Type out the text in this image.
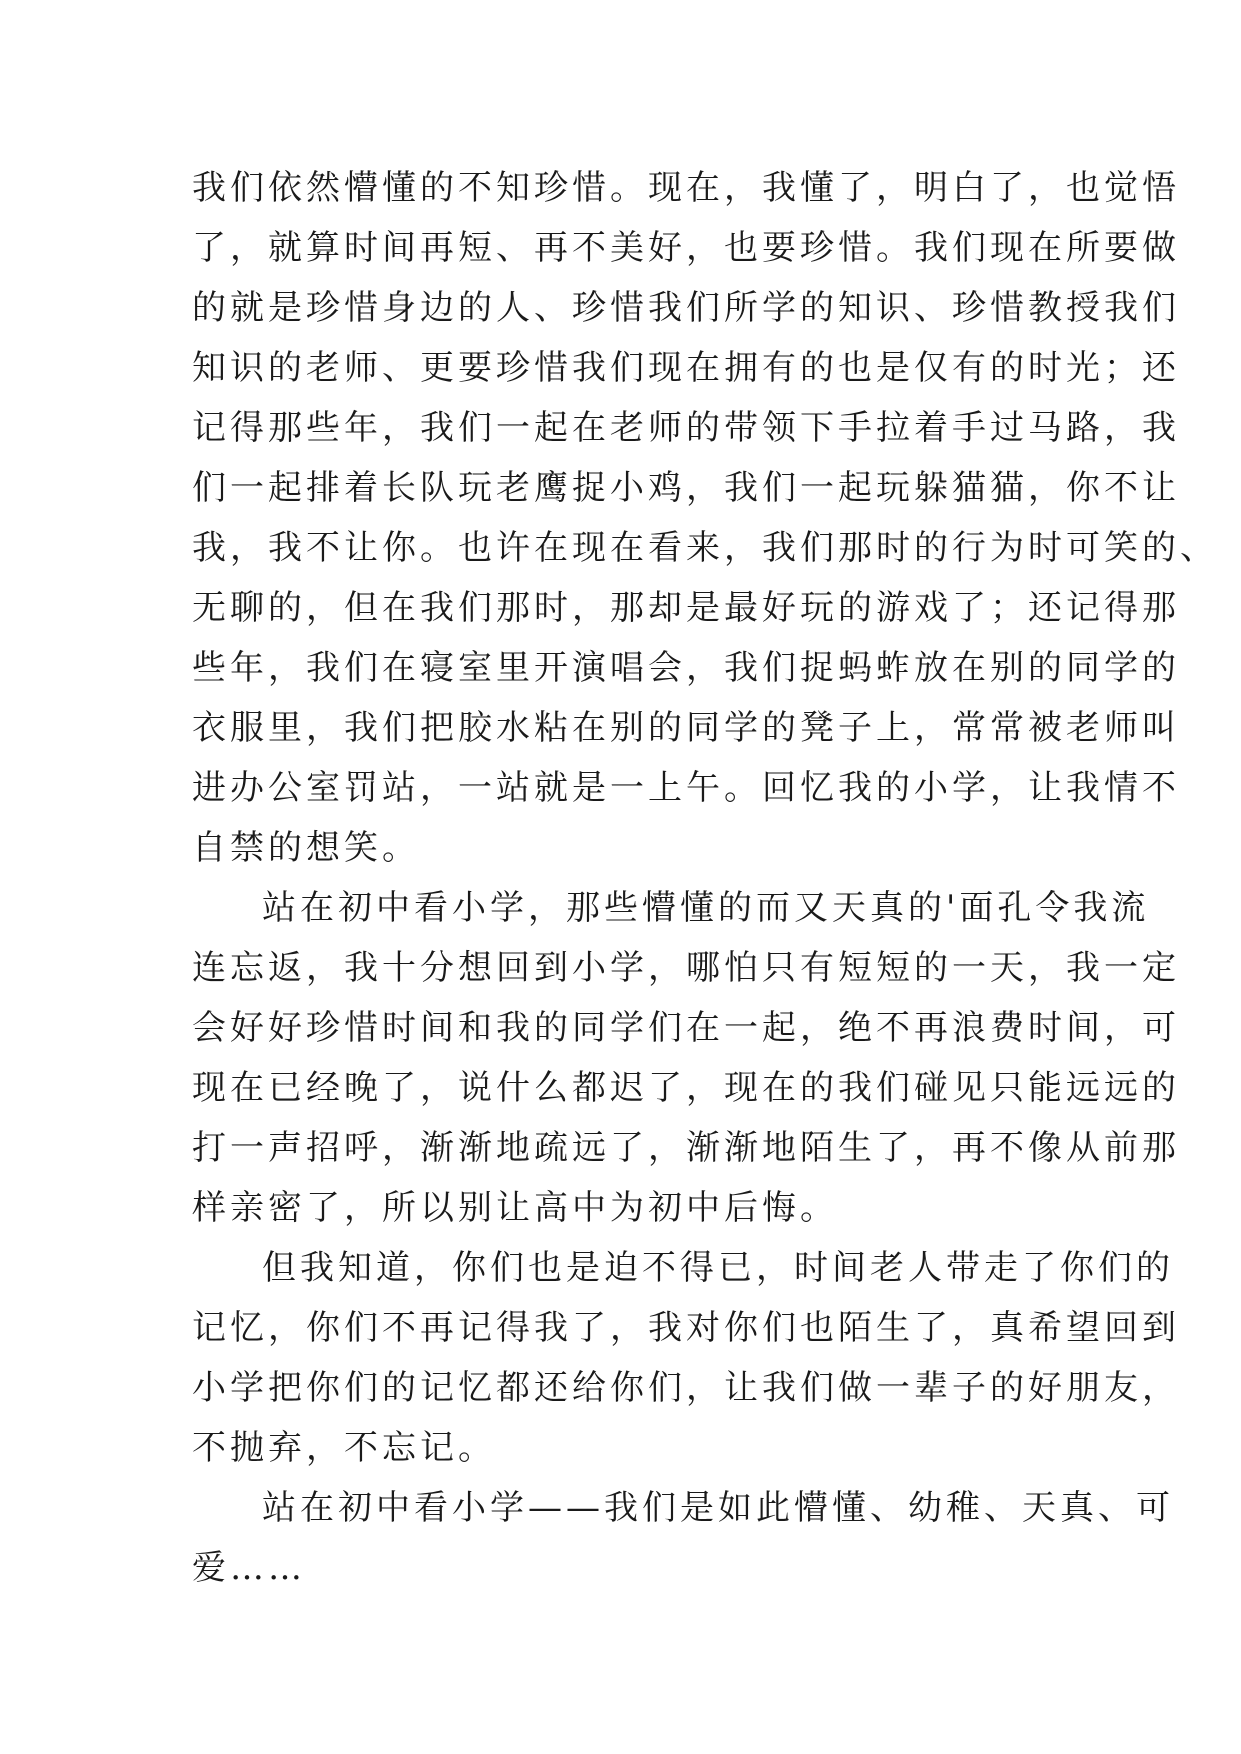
我们依然懵懂的不知珍惜。现在，我懂了，明白了，也觉悟
了，就算时间再短、再不美好，也要珍惜。我们现在所要做
的就是珍惜身边的人、珍惜我们所学的知识、珍惜教授我们
知识的老师、更要珍惜我们现在拥有的也是仅有的时光；还
记得那些年，我们一起在老师的带领下手拉着手过马路，我
们一起排着长队玩老鹰捉小鸡，我们一起玩躲猫猫，你不让
我，我不让你。也许在现在看来，我们那时的行为时可笑的、
无聊的，但在我们那时，那却是最好玩的游戏了；还记得那
些年，我们在寝室里开演唱会，我们捉蚂蚱放在别的同学的
衣服里，我们把胶水粘在别的同学的凳子上，常常被老师叫
进办公室罚站，一站就是一上午。回忆我的小学，让我情不
自禁的想笑。
站在初中看小学，那些懵懂的而又天真的'面孔令我流
连忘返，我十分想回到小学，哪怕只有短短的一天，我一定
会好好珍惜时间和我的同学们在一起，绝不再浪费时间，可
现在已经晚了，说什么都迟了，现在的我们碰见只能远远的
打一声招呼，渐渐地疏远了，渐渐地陌生了，再不像从前那
样亲密了，所以别让高中为初中后悔。
但我知道，你们也是迫不得已，时间老人带走了你们的
记忆，你们不再记得我了，我对你们也陌生了，真希望回到
小学把你们的记忆都还给你们，让我们做一辈子的好朋友，
不抛弃，不忘记。
站在初中看小学——我们是如此懵懂、幼稚、天真、可
爱……
